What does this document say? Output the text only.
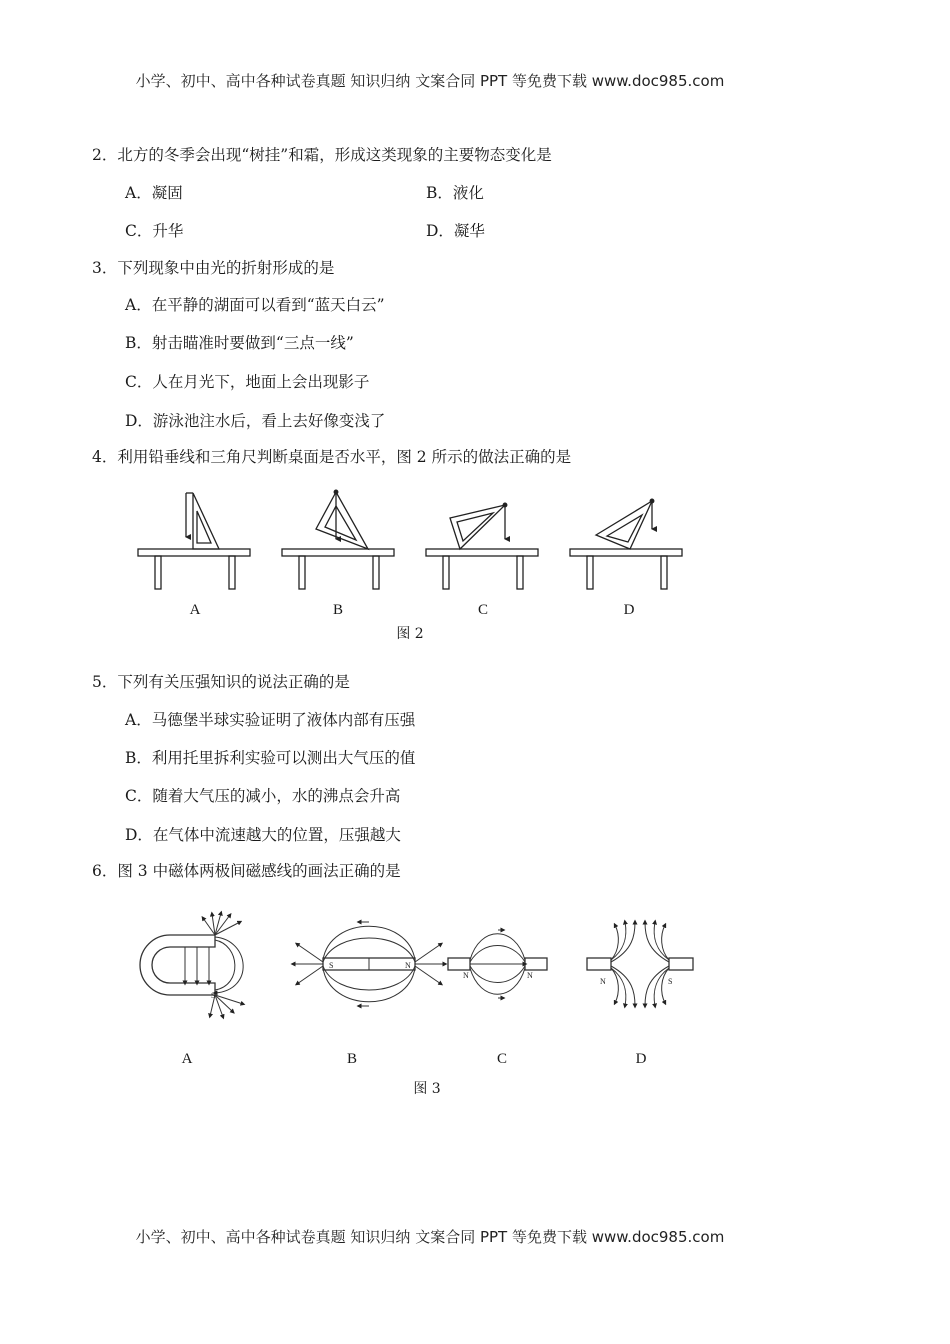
小学、初中、高中各种试卷真题 知识归纳 文案合同 PPT 等免费下载 www.doc985.com
2．北方的冬季会出现“树挂”和霜，形成这类现象的主要物态变化是
A．凝固	B．液化
C．升华	D．凝华
3．下列现象中由光的折射形成的是
A．在平静的湖面可以看到“蓝天白云”
B．射击瞄准时要做到“三点一线”
C．人在月光下，地面上会出现影子
D．游泳池注水后，看上去好像变浅了
4．利用铅垂线和三角尺判断桌面是否水平，图 2 所示的做法正确的是
A	B	C	D
图 2
5．下列有关压强知识的说法正确的是
A．马德堡半球实验证明了液体内部有压强
B．利用托里拆利实验可以测出大气压的值
C．随着大气压的减小，水的沸点会升高
D．在气体中流速越大的位置，压强越大
6．图 3 中磁体两极间磁感线的画法正确的是
S
S	N
N	N
N	S
A	B	C	D
图 3
小学、初中、高中各种试卷真题 知识归纳 文案合同 PPT 等免费下载 www.doc985.com
